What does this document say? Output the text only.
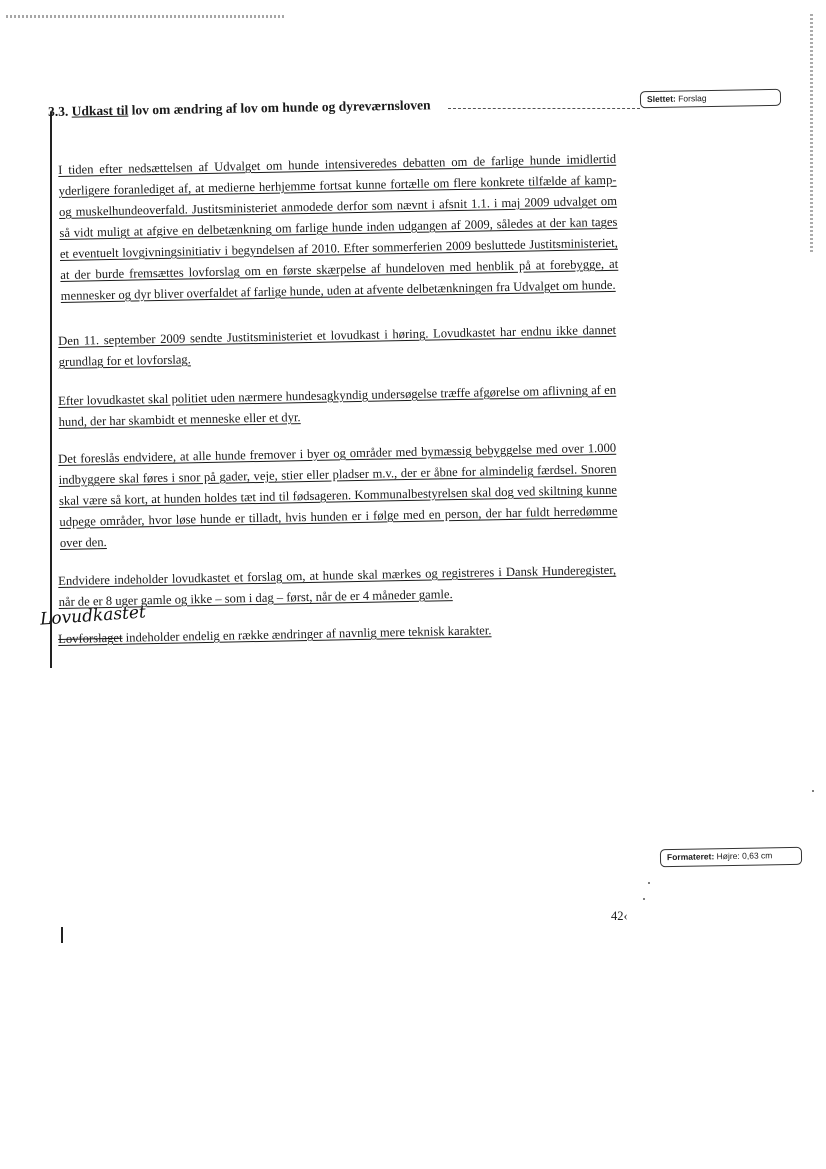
Slettet: Forslag
3.3. Udkast til lov om ændring af lov om hunde og dyreværnsloven

I tiden efter nedsættelsen af Udvalget om hunde intensiveredes debatten om de farlige hunde imidlertid yderligere foranlediget af, at medierne herhjemme fortsat kunne fortælle om flere konkrete tilfælde af kamp- og muskelhundeoverfald. Justitsministeriet anmodede derfor som nævnt i afsnit 1.1. i maj 2009 udvalget om så vidt muligt at afgive en delbetænkning om farlige hunde inden udgangen af 2009, således at der kan tages et eventuelt lovgivningsinitiativ i begyndelsen af 2010. Efter sommerferien 2009 besluttede Justitsministeriet, at der burde fremsættes lovforslag om en første skærpelse af hundeloven med henblik på at forebygge, at mennesker og dyr bliver overfaldet af farlige hunde, uden at afvente delbetænkningen fra Udvalget om hunde.

Den 11. september 2009 sendte Justitsministeriet et lovudkast i høring. Lovudkastet har endnu ikke dannet grundlag for et lovforslag.

Efter lovudkastet skal politiet uden nærmere hundesagkyndig undersøgelse træffe afgørelse om aflivning af en hund, der har skambidt et menneske eller et dyr.

Det foreslås endvidere, at alle hunde fremover i byer og områder med bymæssig bebyggelse med over 1.000 indbyggere skal føres i snor på gader, veje, stier eller pladser m.v., der er åbne for almindelig færdsel. Snoren skal være så kort, at hunden holdes tæt ind til fødsageren. Kommunalbestyrelsen skal dog ved skiltning kunne udpege områder, hvor løse hunde er tilladt, hvis hunden er i følge med en person, der har fuldt herredømme over den.

Endvidere indeholder lovudkastet et forslag om, at hunde skal mærkes og registreres i Dansk Hunderegister, når de er 8 uger gamle og ikke – som i dag – først, når de er 4 måneder gamle.

Lovforslaget indeholder endelig en række ændringer af navnlig mere teknisk karakter.

Lovudkastet
Formateret: Højre: 0,63 cm
42‹
